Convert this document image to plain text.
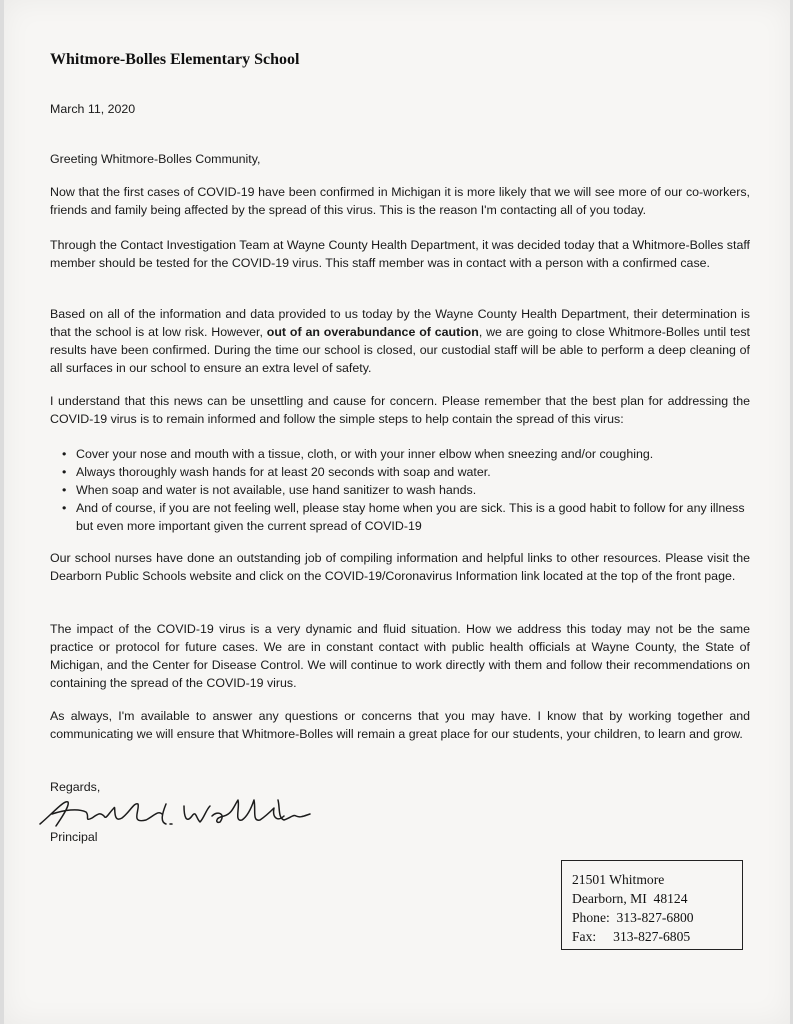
Whitmore-Bolles Elementary School
March 11, 2020
Greeting Whitmore-Bolles Community,
Now that the first cases of COVID-19 have been confirmed in Michigan it is more likely that we will see more of our co-workers, friends and family being affected by the spread of this virus. This is the reason I'm contacting all of you today.
Through the Contact Investigation Team at Wayne County Health Department, it was decided today that a Whitmore-Bolles staff member should be tested for the COVID-19 virus. This staff member was in contact with a person with a confirmed case.
Based on all of the information and data provided to us today by the Wayne County Health Department, their determination is that the school is at low risk. However, out of an overabundance of caution, we are going to close Whitmore-Bolles until test results have been confirmed. During the time our school is closed, our custodial staff will be able to perform a deep cleaning of all surfaces in our school to ensure an extra level of safety.
I understand that this news can be unsettling and cause for concern. Please remember that the best plan for addressing the COVID-19 virus is to remain informed and follow the simple steps to help contain the spread of this virus:
• Cover your nose and mouth with a tissue, cloth, or with your inner elbow when sneezing and/or coughing.
• Always thoroughly wash hands for at least 20 seconds with soap and water.
• When soap and water is not available, use hand sanitizer to wash hands.
• And of course, if you are not feeling well, please stay home when you are sick. This is a good habit to follow for any illness but even more important given the current spread of COVID-19
Our school nurses have done an outstanding job of compiling information and helpful links to other resources. Please visit the Dearborn Public Schools website and click on the COVID-19/Coronavirus Information link located at the top of the front page.
The impact of the COVID-19 virus is a very dynamic and fluid situation. How we address this today may not be the same practice or protocol for future cases. We are in constant contact with public health officials at Wayne County, the State of Michigan, and the Center for Disease Control. We will continue to work directly with them and follow their recommendations on containing the spread of the COVID-19 virus.
As always, I'm available to answer any questions or concerns that you may have. I know that by working together and communicating we will ensure that Whitmore-Bolles will remain a great place for our students, your children, to learn and grow.
Regards,
Principal
21501 Whitmore
Dearborn, MI  48124
Phone:  313-827-6800
Fax:     313-827-6805
